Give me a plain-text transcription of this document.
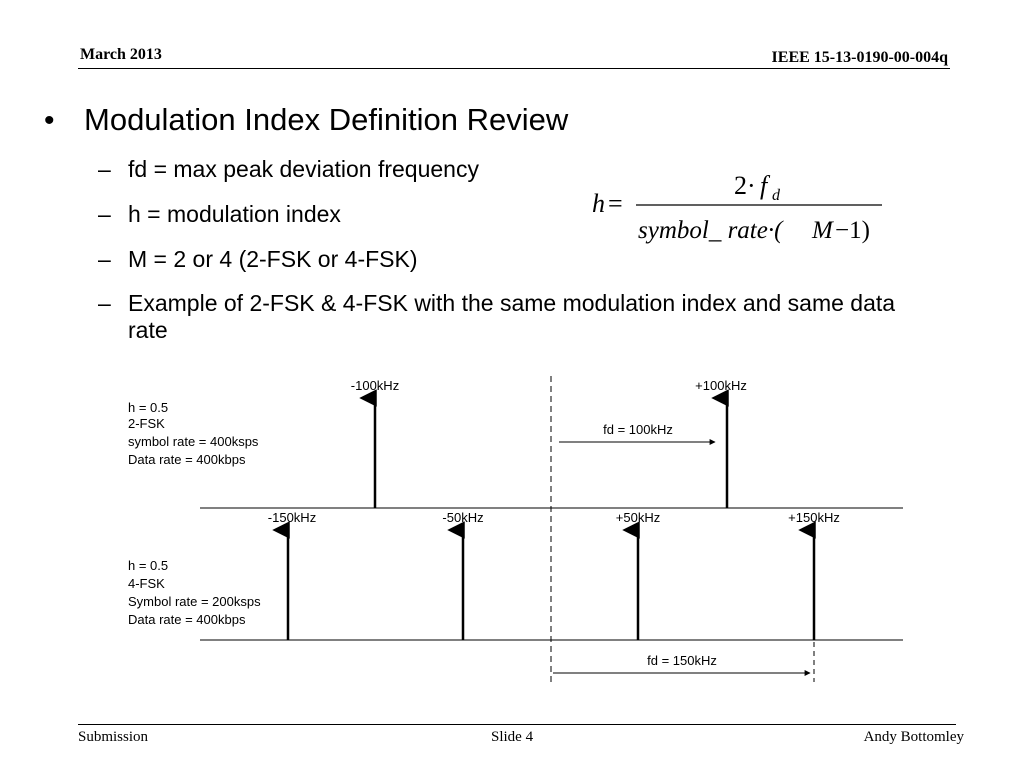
March 2013	IEEE 15-13-0190-00-004q
• Modulation Index Definition Review
– fd = max peak deviation frequency
– h = modulation index
– M = 2 or 4 (2-FSK or 4-FSK)
– Example of 2-FSK & 4-FSK with the same modulation index and same data rate
h =
2· f d
symbol_ rate·( M −1)
h = 0.5
2-FSK
symbol rate = 400ksps
Data rate = 400kbps
-100kHz	+100kHz
fd = 100kHz
-150kHz	-50kHz	+50kHz	+150kHz
h = 0.5
4-FSK
Symbol rate = 200ksps
Data rate = 400kbps
fd = 150kHz
Submission	Slide 4	Andy Bottomley
